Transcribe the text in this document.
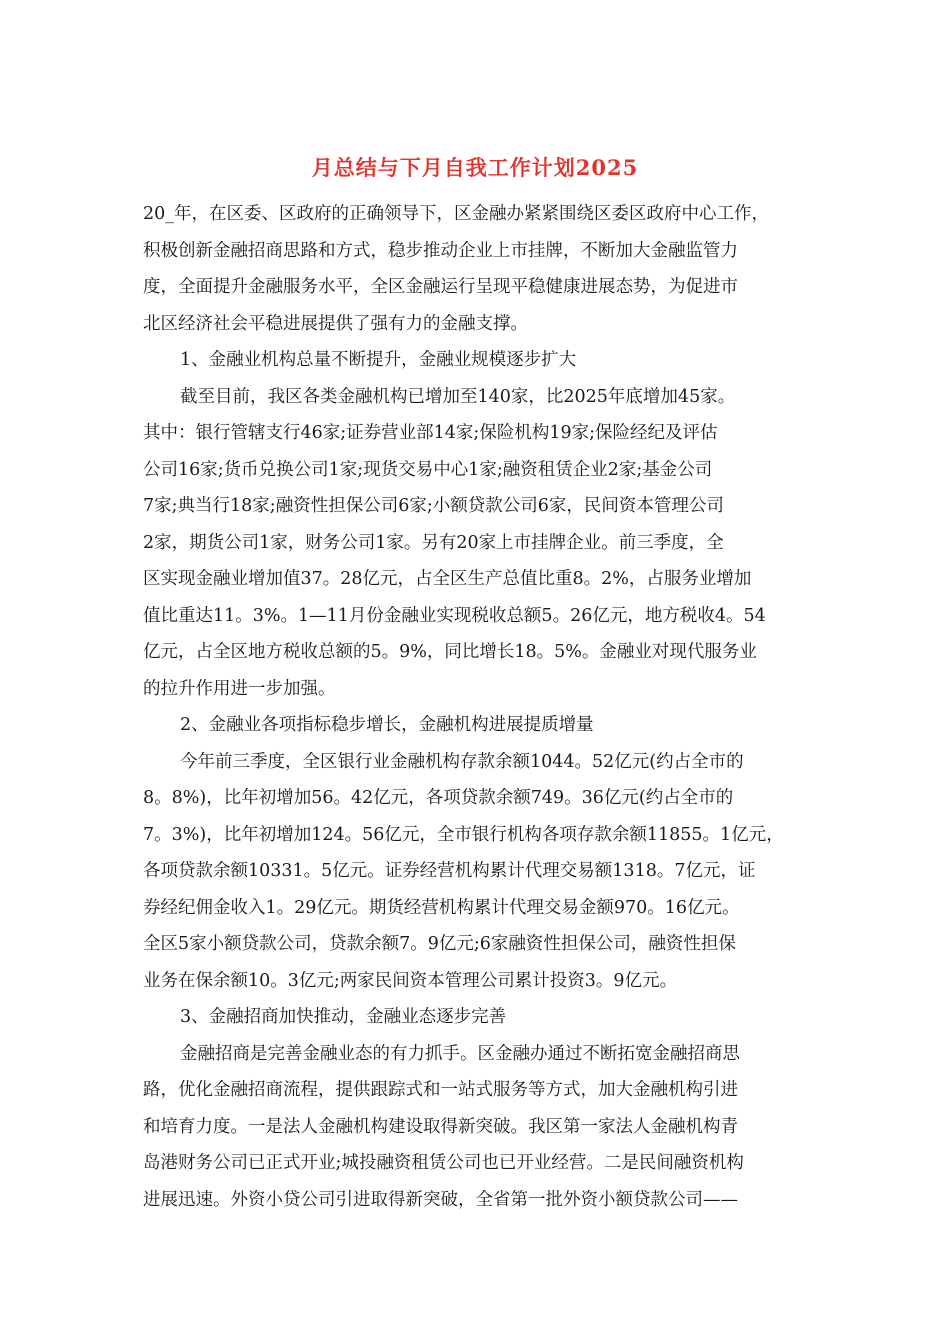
月总结与下月自我工作计划2025
20_年，在区委、区政府的正确领导下，区金融办紧紧围绕区委区政府中心工作，
积极创新金融招商思路和方式，稳步推动企业上市挂牌，不断加大金融监管力
度，全面提升金融服务水平，全区金融运行呈现平稳健康进展态势，为促进市
北区经济社会平稳进展提供了强有力的金融支撑。
1、金融业机构总量不断提升，金融业规模逐步扩大
截至目前，我区各类金融机构已增加至140家，比2025年底增加45家。
其中：银行管辖支行46家;证券营业部14家;保险机构19家;保险经纪及评估
公司16家;货币兑换公司1家;现货交易中心1家;融资租赁企业2家;基金公司
7家;典当行18家;融资性担保公司6家;小额贷款公司6家，民间资本管理公司
2家，期货公司1家，财务公司1家。另有20家上市挂牌企业。前三季度，全
区实现金融业增加值37。28亿元，占全区生产总值比重8。2%，占服务业增加
值比重达11。3%。1—11月份金融业实现税收总额5。26亿元，地方税收4。54
亿元，占全区地方税收总额的5。9%，同比增长18。5%。金融业对现代服务业
的拉升作用进一步加强。
2、金融业各项指标稳步增长，金融机构进展提质增量
今年前三季度，全区银行业金融机构存款余额1044。52亿元(约占全市的
8。8%)，比年初增加56。42亿元，各项贷款余额749。36亿元(约占全市的
7。3%)，比年初增加124。56亿元，全市银行机构各项存款余额11855。1亿元，
各项贷款余额10331。5亿元。证券经营机构累计代理交易额1318。7亿元，证
券经纪佣金收入1。29亿元。期货经营机构累计代理交易金额970。16亿元。
全区5家小额贷款公司，贷款余额7。9亿元;6家融资性担保公司，融资性担保
业务在保余额10。3亿元;两家民间资本管理公司累计投资3。9亿元。
3、金融招商加快推动，金融业态逐步完善
金融招商是完善金融业态的有力抓手。区金融办通过不断拓宽金融招商思
路，优化金融招商流程，提供跟踪式和一站式服务等方式，加大金融机构引进
和培育力度。一是法人金融机构建设取得新突破。我区第一家法人金融机构青
岛港财务公司已正式开业;城投融资租赁公司也已开业经营。二是民间融资机构
进展迅速。外资小贷公司引进取得新突破，全省第一批外资小额贷款公司——
